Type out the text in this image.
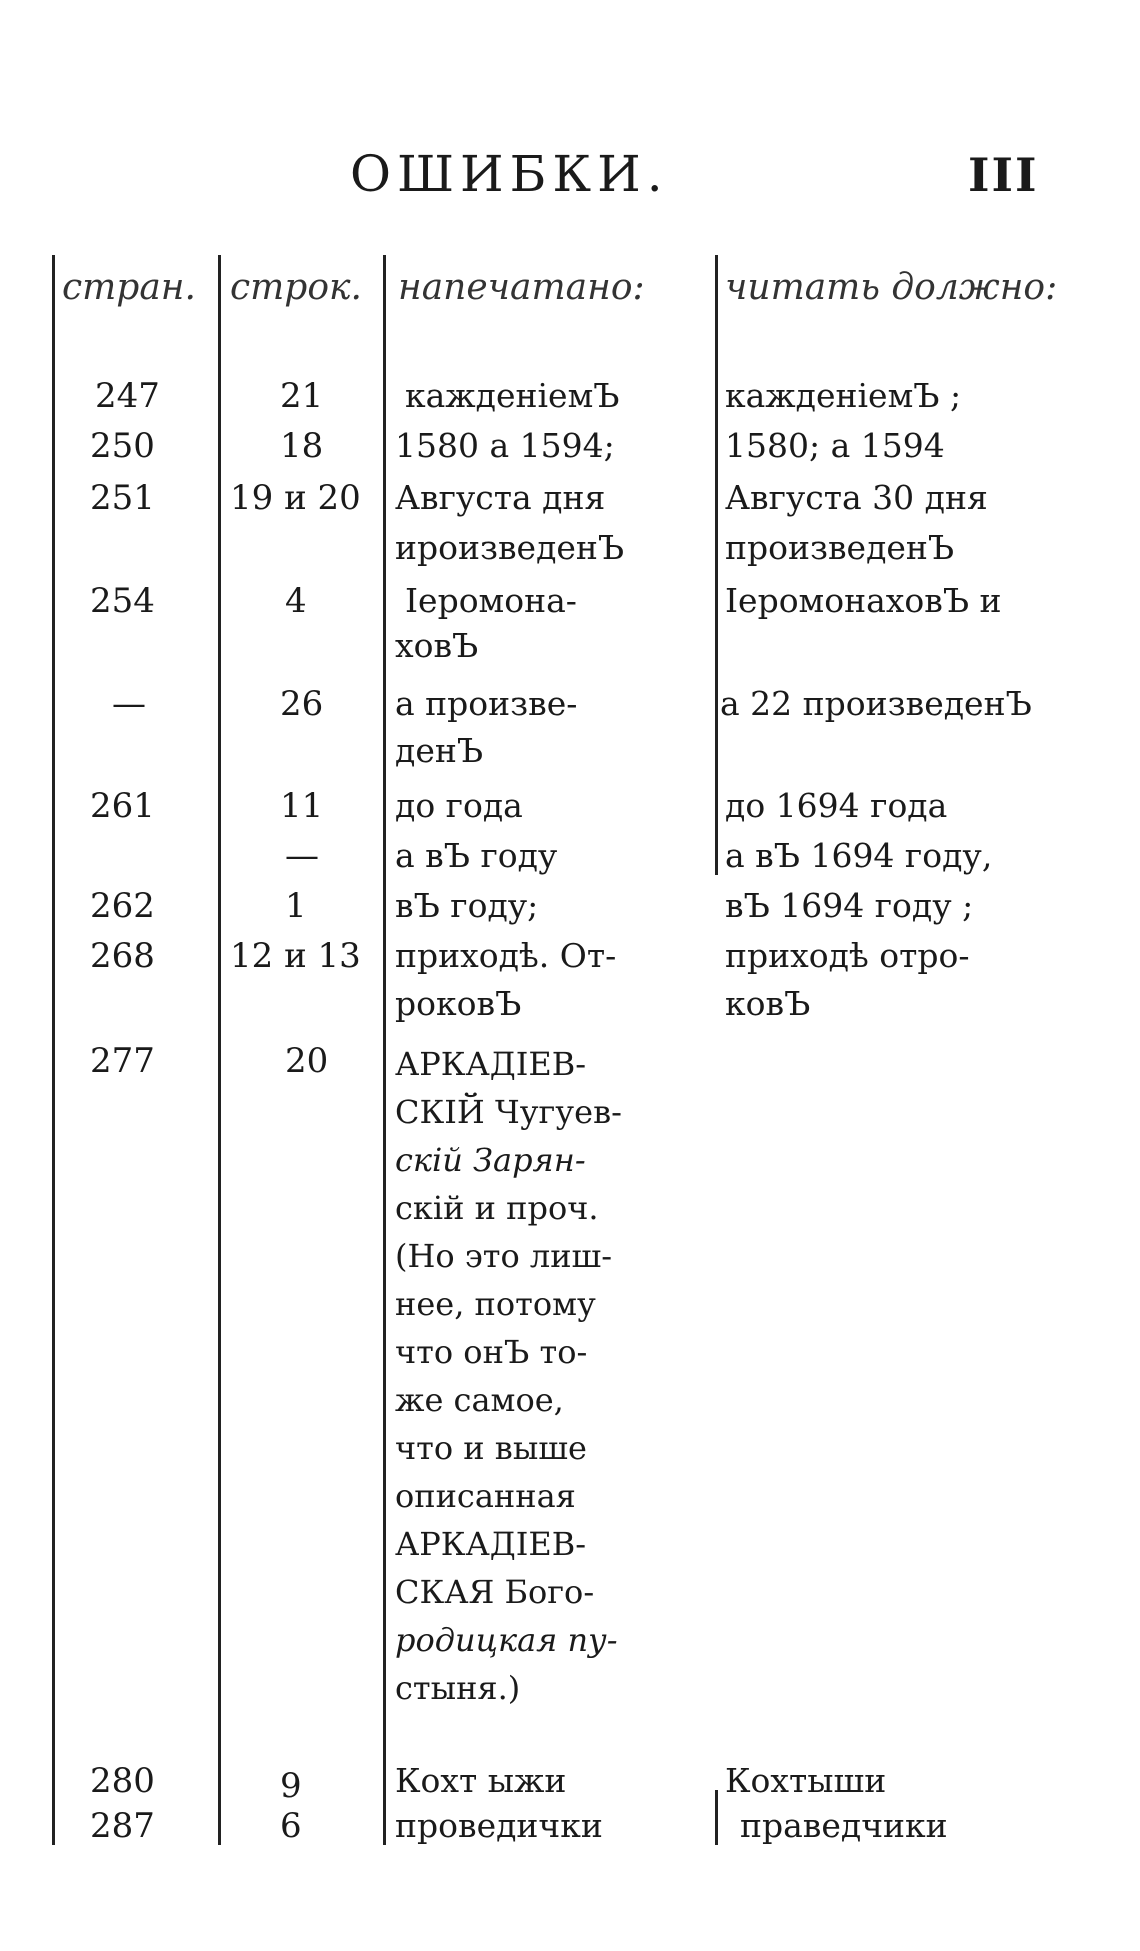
ОШИБКИ.	III
стран. строк. напечатано: читать должно:
247	21 кажденіемЪ	кажденіемЪ ;
250	18 1580 а 1594;	1580; а 1594
251 19 и 20 Августа дня	Августа 30 дня
ироизведенЪ	произведенЪ
254	4	Іеромона-	ІеромонаховЪ и
ховЪ
—	26 а произве-	а 22 произведенЪ
денЪ
261	11 до года	до 1694 года
— а вЪ году	а вЪ 1694 году,
262	1	вЪ году;	вЪ 1694 году ;
268 12 и 13 приходѣ. От-	приходѣ отро-
роковЪ	ковЪ
277	20 АРКАДІЕВ-
СКІЙ Чугуев-
скій Зарян-
скій и проч.
(Но это лиш-
нее, потому
что онЪ то-
же самое,
что и выше
описанная
АРКАДІЕВ-
СКАЯ Бого-
родицкая пу-
стыня.)
280	9	Кохт ыжи	Кохтыши
287	6	проведички	праведчики
